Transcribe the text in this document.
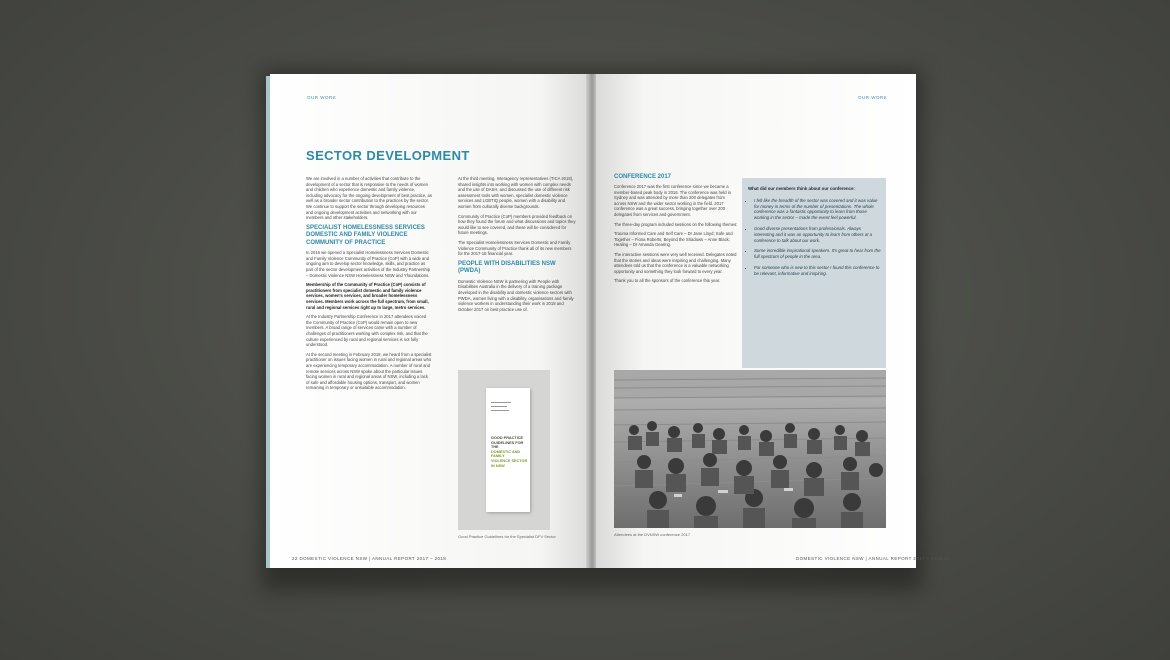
OUR WORK
SECTOR DEVELOPMENT

We are involved in a number of activities that contribute to the development of a sector that is responsive to the needs of women and children who experience domestic and family violence, including advocacy for the ongoing development of best practice, as well as a broader sector contribution to the practices by the sector. We continue to support the sector through developing resources and ongoing development activities and networking with our members and other stakeholders.

SPECIALIST HOMELESSNESS SERVICES DOMESTIC AND FAMILY VIOLENCE COMMUNITY OF PRACTICE

In 2016 we opened a Specialist Homelessness Services Domestic and Family Violence Community of Practice (CoP) with a wide and ongoing aim to develop sector knowledge, skills, and practice as part of the sector development activities of the Industry Partnership – Domestic Violence NSW Homelessness NSW and Yfoundations.

Membership of the Community of Practice (CoP) consists of practitioners from specialist domestic and family violence services, women's services, and broader homelessness services. Members work across the full spectrum, from small, rural and regional services right up to large, metro services.

At the Industry Partnership Conference in 2017 attendees voiced the Community of Practice (CoP) would remain open to new members. A broad range of services came with a number of challenges of practitioners working with complex risk, and that the culture experienced by rural and regional services is not fully understood.

At the second meeting in February 2018, we heard from a specialist practitioner on issues facing women in rural and regional areas who are experiencing temporary accommodation. A number of rural and remote services across NSW spoke about the particular issues facing women in rural and regional areas of NSW, including a lack of safe and affordable housing options, transport, and women remaining in temporary or unsuitable accommodation.

At the third meeting, Interagency representatives (TICA 2018), shared insights into working with women with complex needs and the use of DASH, and discussed the use of different risk assessment tools with women, specialist domestic violence services and LGBTIQ people, women with a disability and women from culturally diverse backgrounds.

Community of Practice (CoP) members provided feedback on how they found the forum and what discussions and topics they would like to see covered, and these will be considered for future meetings.

The Specialist Homelessness Services Domestic and Family Violence Community of Practice thank all of its new members for the 2017-18 financial year.

PEOPLE WITH DISABILITIES NSW (PWDA)

Domestic Violence NSW is partnering with People with Disabilities Australia in the delivery of a training package developed in the disability and domestic violence sectors with PWDA, women living with a disability, organisations and family violence workers in understanding their work in 2018 and October 2017 on best practice use of.

GOOD PRACTICE
GUIDELINES FOR THE
DOMESTIC AND FAMILY
VIOLENCE SECTOR IN NSW
Good Practice Guidelines for the Specialist DFV Sector
22 DOMESTIC VIOLENCE NSW | ANNUAL REPORT 2017 – 2018
OUR WORK
CONFERENCE 2017

Conference 2017 was the first conference since we became a member-based peak body in 2016. The conference was held in Sydney and was attended by more than 200 delegates from across NSW and the wider sector working in the field. 2017 conference was a great success, bringing together over 200 delegates from services and government.

The three-day program included sessions on the following themes:

Trauma Informed Care and Self Care – Dr Jane Lloyd; Safe and Together – Fiona Roberts; Beyond the Shadows – Anne Black; Healing – Dr Amanda Gearing.

The interactive sessions were very well received. Delegates noted that the stories and ideas were inspiring and challenging. Many attendees told us that the conference is a valuable networking opportunity and something they look forward to every year.

Thank you to all the sponsors of the conference this year.

What did our members think about our conference:
• I felt like the breadth of the sector was covered and it was value for money in terms of the number of presentations. The whole conference was a fantastic opportunity to learn from those working in the sector – made the event feel powerful.
• Good diverse presentations from professionals. Always interesting and it was an opportunity to learn from others at a conference to talk about our work.
• Some incredible inspirational speakers. It's great to hear from the full spectrum of people in the area.
• For someone who is new to this sector I found this conference to be relevant, informative and inspiring.
Attendees at the DVNSW conference 2017
DOMESTIC VIOLENCE NSW | ANNUAL REPORT 2017 – 2018 23
